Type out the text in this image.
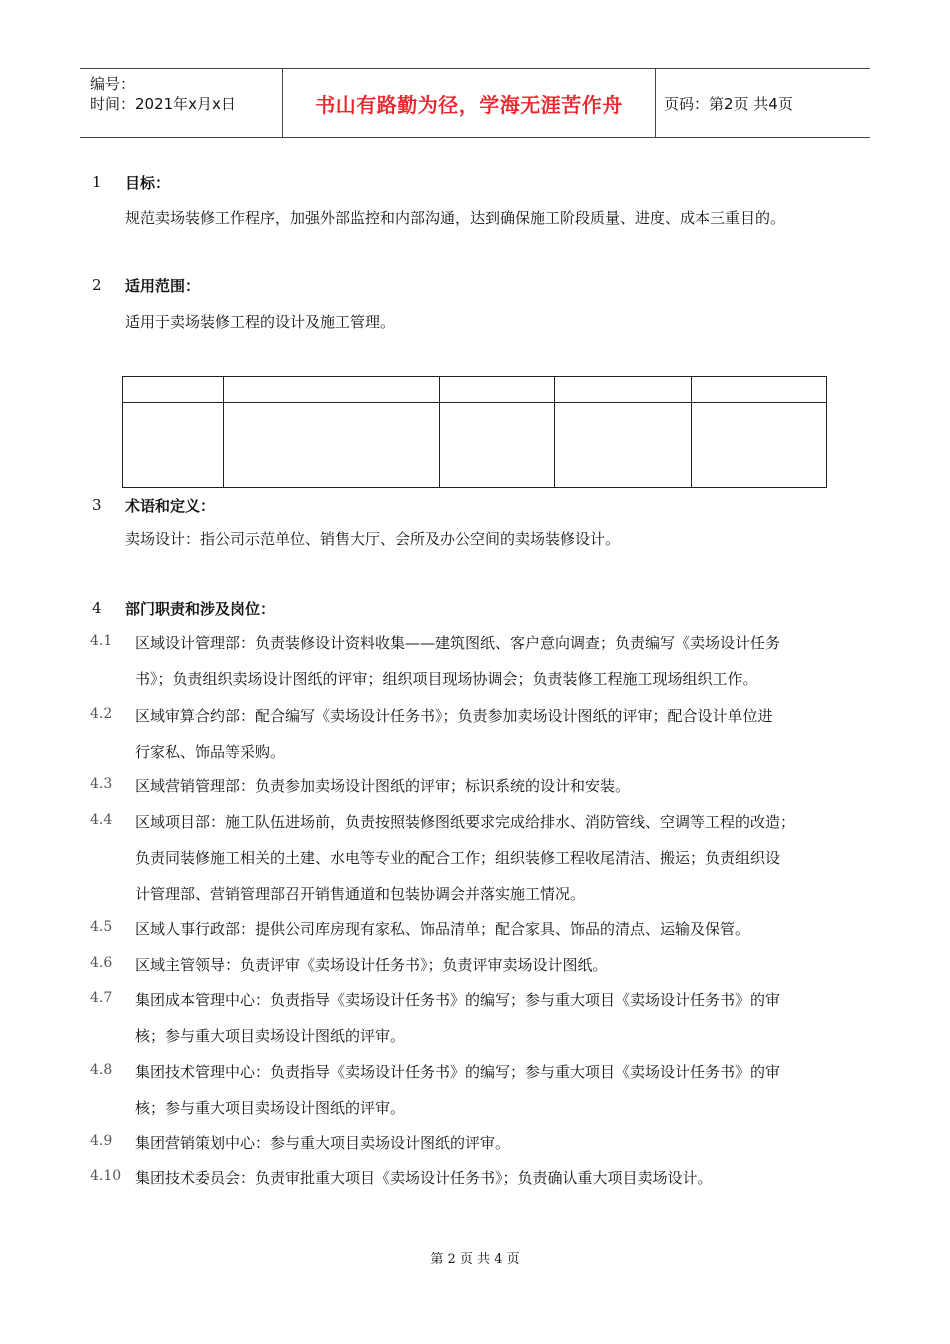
编号：
时间：2021年x月x日	书山有路勤为径，学海无涯苦作舟	页码：第2页 共4页
1 目标：
规范卖场装修工作程序，加强外部监控和内部沟通，达到确保施工阶段质量、进度、成本三重目的。
2 适用范围：
适用于卖场装修工程的设计及施工管理。
3 术语和定义：
卖场设计：指公司示范单位、销售大厅、会所及办公空间的卖场装修设计。
4 部门职责和涉及岗位：
4.1 区域设计管理部：负责装修设计资料收集——建筑图纸、客户意向调查；负责编写《卖场设计任务
书》；负责组织卖场设计图纸的评审；组织项目现场协调会；负责装修工程施工现场组织工作。
4.2 区域审算合约部：配合编写《卖场设计任务书》；负责参加卖场设计图纸的评审；配合设计单位进
行家私、饰品等采购。
4.3 区域营销管理部：负责参加卖场设计图纸的评审；标识系统的设计和安装。
4.4 区域项目部：施工队伍进场前，负责按照装修图纸要求完成给排水、消防管线、空调等工程的改造；
负责同装修施工相关的土建、水电等专业的配合工作；组织装修工程收尾清洁、搬运；负责组织设
计管理部、营销管理部召开销售通道和包装协调会并落实施工情况。
4.5 区域人事行政部：提供公司库房现有家私、饰品清单；配合家具、饰品的清点、运输及保管。
4.6 区域主管领导：负责评审《卖场设计任务书》；负责评审卖场设计图纸。
4.7 集团成本管理中心：负责指导《卖场设计任务书》的编写；参与重大项目《卖场设计任务书》的审
核；参与重大项目卖场设计图纸的评审。
4.8 集团技术管理中心：负责指导《卖场设计任务书》的编写；参与重大项目《卖场设计任务书》的审
核；参与重大项目卖场设计图纸的评审。
4.9 集团营销策划中心：参与重大项目卖场设计图纸的评审。
4.10 集团技术委员会：负责审批重大项目《卖场设计任务书》；负责确认重大项目卖场设计。
第 2 页 共 4 页
